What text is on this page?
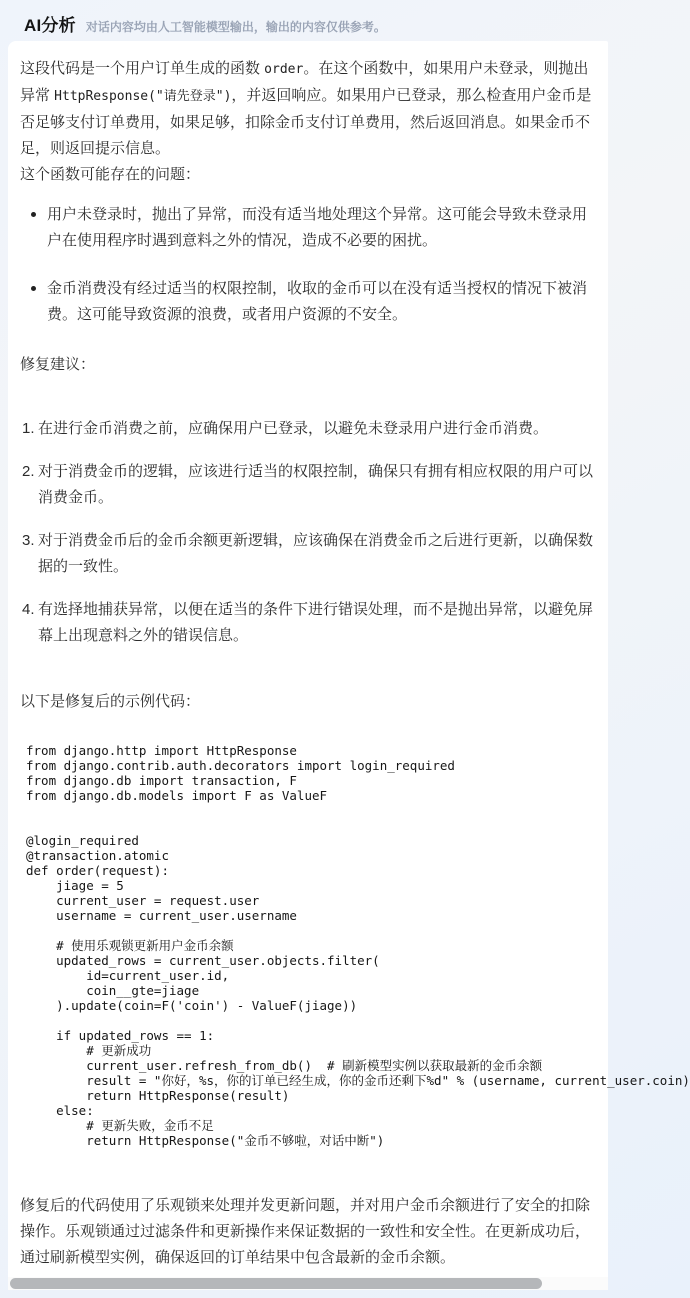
AI分析 对话内容均由人工智能模型输出，输出的内容仅供参考。
这段代码是一个用户订单生成的函数 order。在这个函数中，如果用户未登录，则抛出异常 HttpResponse("请先登录")，并返回响应。如果用户已登录，那么检查用户金币是否足够支付订单费用，如果足够，扣除金币支付订单费用，然后返回消息。如果金币不足，则返回提示信息。
这个函数可能存在的问题：
用户未登录时，抛出了异常，而没有适当地处理这个异常。这可能会导致未登录用户在使用程序时遇到意料之外的情况，造成不必要的困扰。
金币消费没有经过适当的权限控制，收取的金币可以在没有适当授权的情况下被消费。这可能导致资源的浪费，或者用户资源的不安全。
修复建议：
1. 在进行金币消费之前，应确保用户已登录，以避免未登录用户进行金币消费。
2. 对于消费金币的逻辑，应该进行适当的权限控制，确保只有拥有相应权限的用户可以消费金币。
3. 对于消费金币后的金币余额更新逻辑，应该确保在消费金币之后进行更新，以确保数据的一致性。
4. 有选择地捕获异常，以便在适当的条件下进行错误处理，而不是抛出异常，以避免屏幕上出现意料之外的错误信息。
以下是修复后的示例代码：
from django.http import HttpResponse
from django.contrib.auth.decorators import login_required
from django.db import transaction, F
from django.db.models import F as ValueF

@login_required
@transaction.atomic
def order(request):
jiage = 5
current_user = request.user
username = current_user.username

# 使用乐观锁更新用户金币余额
updated_rows = current_user.objects.filter(
id=current_user.id,
coin__gte=jiage
).update(coin=F('coin') - ValueF(jiage))

if updated_rows == 1:
# 更新成功
current_user.refresh_from_db()  # 刷新模型实例以获取最新的金币余额
result = "你好，%s，你的订单已经生成，你的金币还剩下%d" % (username, current_user.coin)
return HttpResponse(result)
else:
# 更新失败，金币不足
return HttpResponse("金币不够啦，对话中断")
修复后的代码使用了乐观锁来处理并发更新问题，并对用户金币余额进行了安全的扣除操作。乐观锁通过过滤条件和更新操作来保证数据的一致性和安全性。在更新成功后，通过刷新模型实例，确保返回的订单结果中包含最新的金币余额。
